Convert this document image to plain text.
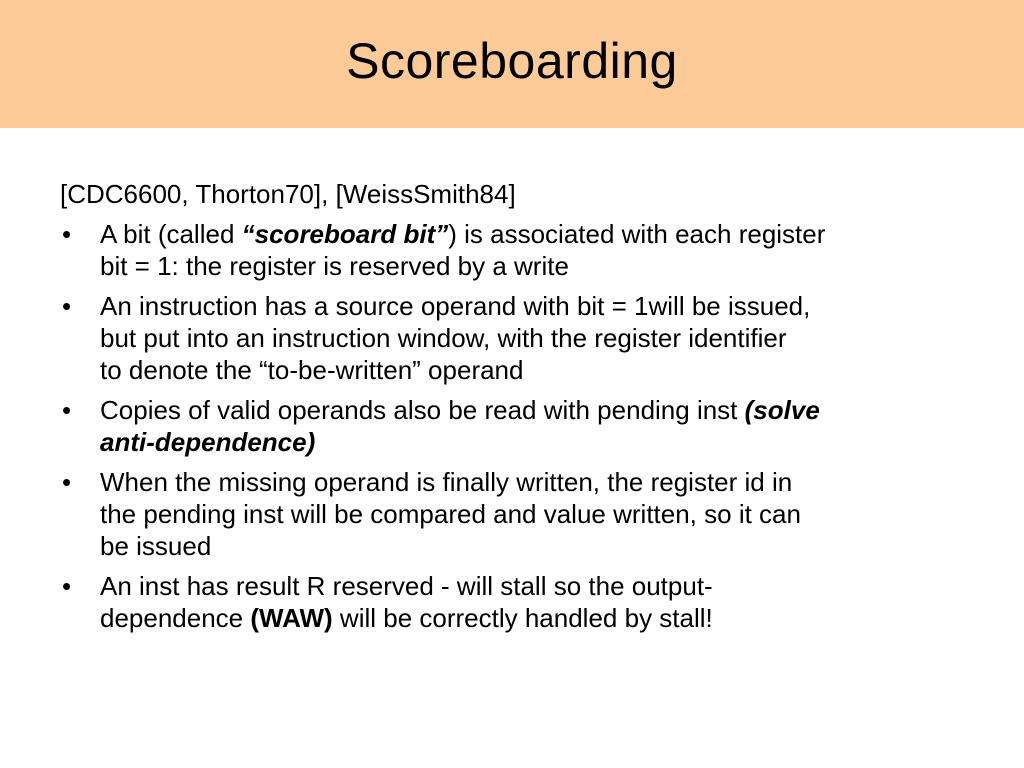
Scoreboarding
[CDC6600, Thorton70], [WeissSmith84]
• A bit (called “scoreboard bit”) is associated with each register
bit = 1: the register is reserved by a write
• An instruction has a source operand with bit = 1will be issued,
but put into an instruction window, with the register identifier
to denote the “to-be-written” operand
• Copies of valid operands also be read with pending inst (solve
anti-dependence)
• When the missing operand is finally written, the register id in
the pending inst will be compared and value written, so it can
be issued
• An inst has result R reserved - will stall so the output-
dependence (WAW) will be correctly handled by stall!
